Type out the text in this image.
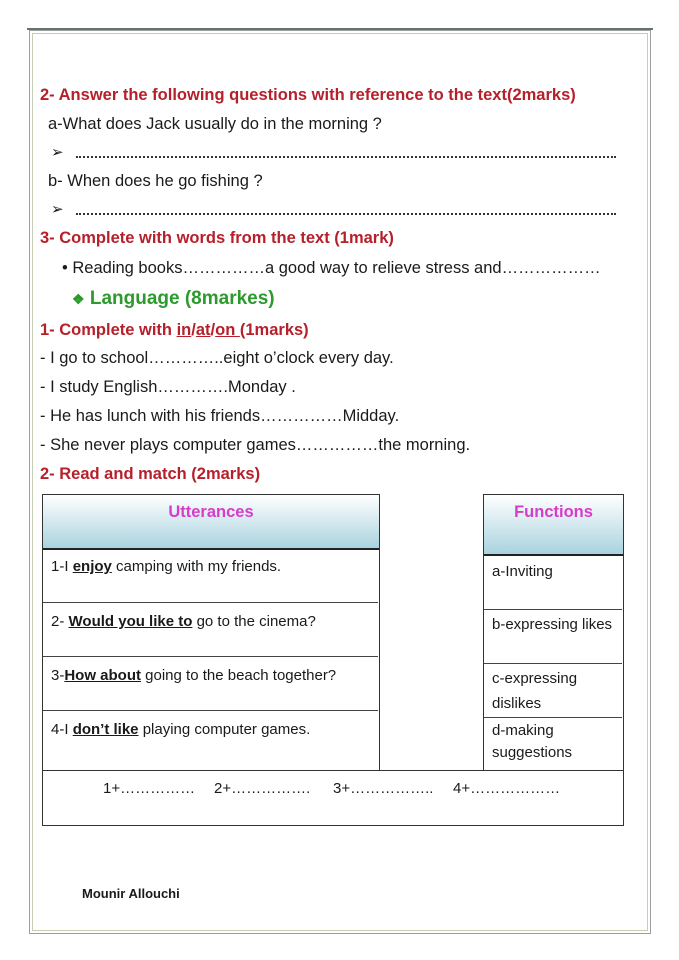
2- Answer the following questions with reference to the text(2marks)
a-What does Jack usually do in the morning ?
➢
b- When does he go fishing ?
➢
3- Complete with words from the text (1mark)
• Reading books……………a good way to relieve stress and………………
❖ Language (8markes)
1- Complete with in/at/on (1marks)
- I go to school…………..eight o’clock every day.
- I study English………….Monday .
- He has lunch with his friends……………Midday.
- She never plays computer games……………the morning.
2- Read and match (2marks)
Utterances
1-I enjoy camping with my friends.
2- Would you like to go to the cinema?
3-How about going to the beach together?
4-I don’t like playing computer games.
Functions
a-Inviting
b-expressing likes
c-expressing dislikes
d-making suggestions
1+…………… 2+……………. 3+…………….. 4+………………
Mounir Allouchi
